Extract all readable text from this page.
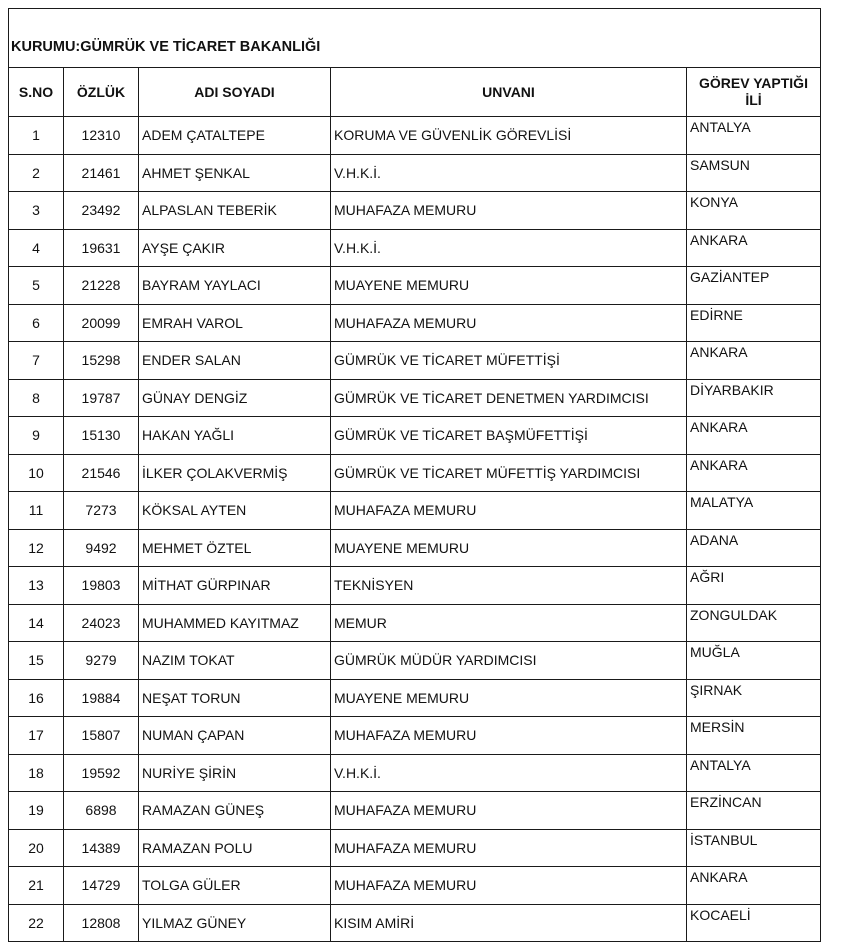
KURUMU:GÜMRÜK VE TİCARET BAKANLIĞI				
S.NO	ÖZLÜK	ADI SOYADI	UNVANI	GÖREV YAPTIĞI İLİ
1	12310	ADEM ÇATALTEPE	KORUMA VE GÜVENLİK GÖREVLİSİ	ANTALYA
2	21461	AHMET ŞENKAL	V.H.K.İ.	SAMSUN
3	23492	ALPASLAN TEBERİK	MUHAFAZA MEMURU	KONYA
4	19631	AYŞE ÇAKIR	V.H.K.İ.	ANKARA
5	21228	BAYRAM YAYLACI	MUAYENE MEMURU	GAZİANTEP
6	20099	EMRAH VAROL	MUHAFAZA MEMURU	EDİRNE
7	15298	ENDER SALAN	GÜMRÜK VE TİCARET MÜFETTİŞİ	ANKARA
8	19787	GÜNAY DENGİZ	GÜMRÜK VE TİCARET DENETMEN YARDIMCISI	DİYARBAKIR
9	15130	HAKAN YAĞLI	GÜMRÜK VE TİCARET BAŞMÜFETTİŞİ	ANKARA
10	21546	İLKER ÇOLAKVERMİŞ	GÜMRÜK VE TİCARET MÜFETTİŞ YARDIMCISI	ANKARA
11	7273	KÖKSAL AYTEN	MUHAFAZA MEMURU	MALATYA
12	9492	MEHMET ÖZTEL	MUAYENE MEMURU	ADANA
13	19803	MİTHAT GÜRPINAR	TEKNİSYEN	AĞRI
14	24023	MUHAMMED KAYITMAZ	MEMUR	ZONGULDAK
15	9279	NAZIM TOKAT	GÜMRÜK MÜDÜR YARDIMCISI	MUĞLA
16	19884	NEŞAT TORUN	MUAYENE MEMURU	ŞIRNAK
17	15807	NUMAN ÇAPAN	MUHAFAZA MEMURU	MERSİN
18	19592	NURİYE ŞİRİN	V.H.K.İ.	ANTALYA
19	6898	RAMAZAN GÜNEŞ	MUHAFAZA MEMURU	ERZİNCAN
20	14389	RAMAZAN POLU	MUHAFAZA MEMURU	İSTANBUL
21	14729	TOLGA GÜLER	MUHAFAZA MEMURU	ANKARA
22	12808	YILMAZ GÜNEY	KISIM AMİRİ	KOCAELİ
